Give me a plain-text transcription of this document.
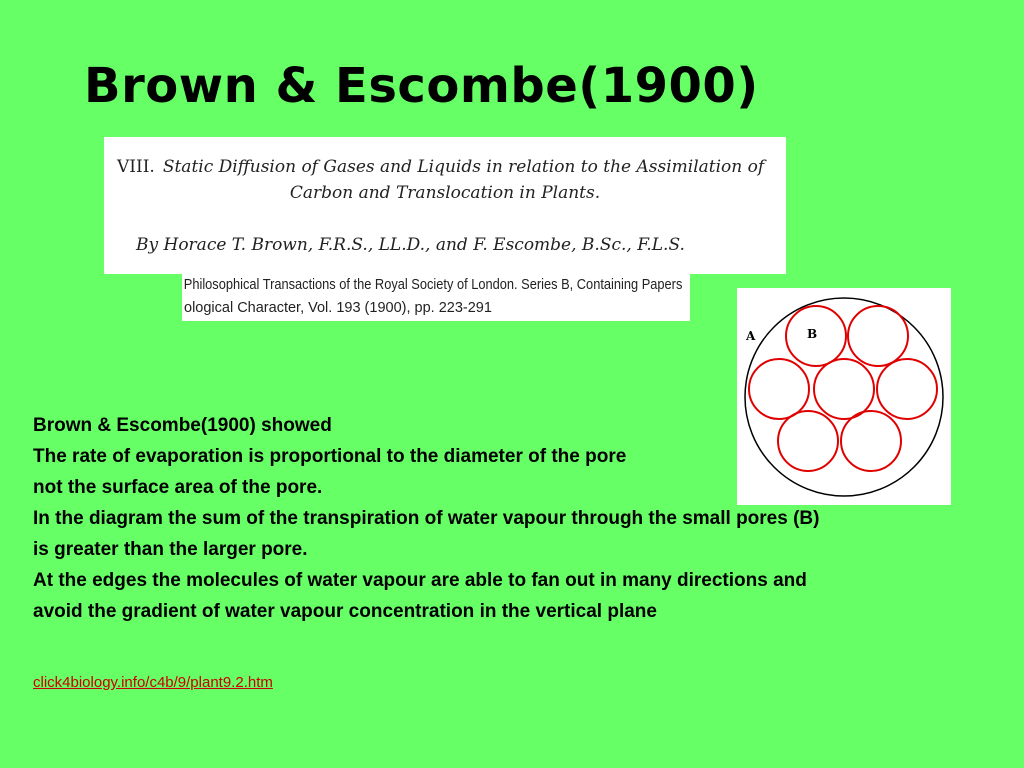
Brown & Escombe(1900)
VIII. Static Diffusion of Gases and Liquids in relation to the Assimilation of
Carbon and Translocation in Plants.
By Horace T. Brown, F.R.S., LL.D., and F. Escombe, B.Sc., F.L.S.
Philosophical Transactions of the Royal Society of London. Series B, Containing Papers
ological Character, Vol. 193 (1900), pp. 223-291
A	B
Brown & Escombe(1900) showed
The rate of evaporation is proportional to the diameter of the pore
not the surface area of the pore.
In the diagram the sum of the transpiration of water vapour through the small pores (B)
is greater than the larger pore.
At the edges the molecules of water vapour are able to fan out in many directions and
avoid the gradient of water vapour concentration in the vertical plane
click4biology.info/c4b/9/plant9.2.htm
